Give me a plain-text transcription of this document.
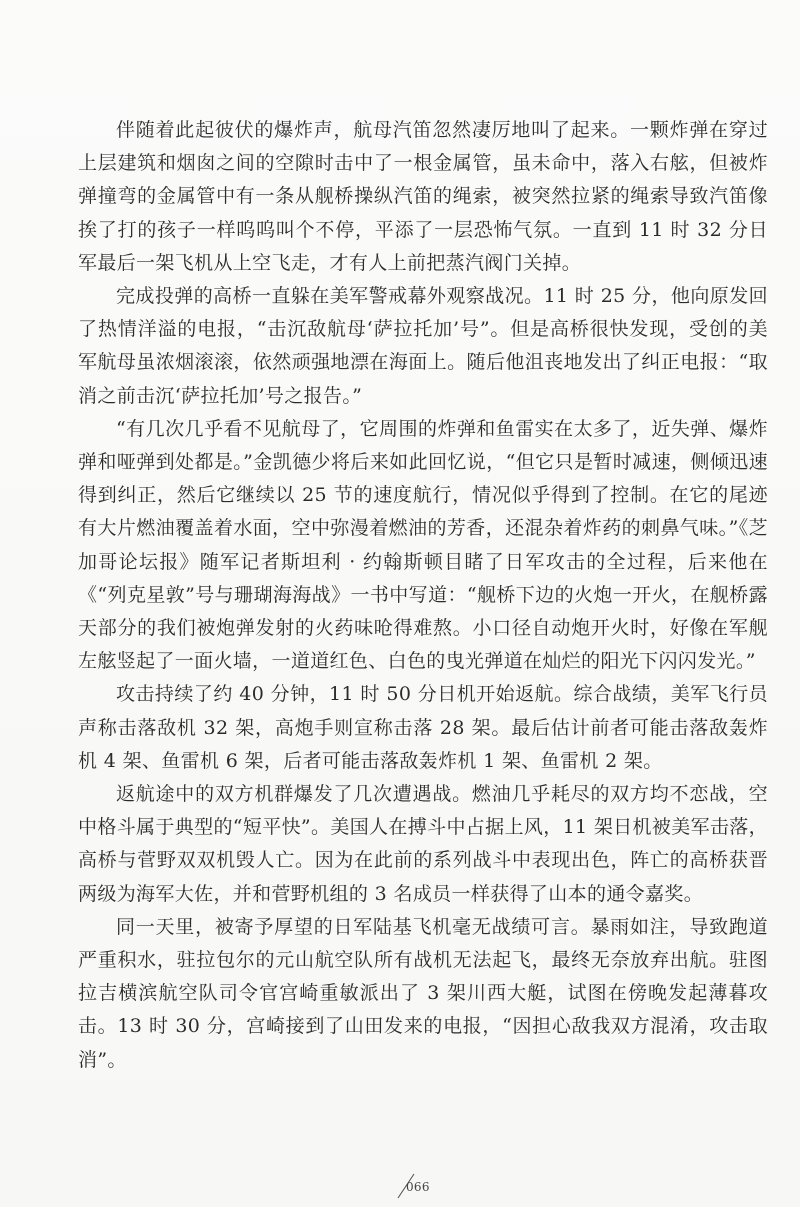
伴随着此起彼伏的爆炸声，航母汽笛忽然凄厉地叫了起来。一颗炸弹在穿过上层建筑和烟囱之间的空隙时击中了一根金属管，虽未命中，落入右舷，但被炸弹撞弯的金属管中有一条从舰桥操纵汽笛的绳索，被突然拉紧的绳索导致汽笛像挨了打的孩子一样呜呜叫个不停，平添了一层恐怖气氛。一直到 11 时 32 分日军最后一架飞机从上空飞走，才有人上前把蒸汽阀门关掉。

完成投弹的高桥一直躲在美军警戒幕外观察战况。11 时 25 分，他向原发回了热情洋溢的电报，“击沉敌航母‘萨拉托加’号”。但是高桥很快发现，受创的美军航母虽浓烟滚滚，依然顽强地漂在海面上。随后他沮丧地发出了纠正电报：“取消之前击沉‘萨拉托加’号之报告。”

“有几次几乎看不见航母了，它周围的炸弹和鱼雷实在太多了，近失弹、爆炸弹和哑弹到处都是。”金凯德少将后来如此回忆说，“但它只是暂时减速，侧倾迅速得到纠正，然后它继续以 25 节的速度航行，情况似乎得到了控制。在它的尾迹有大片燃油覆盖着水面，空中弥漫着燃油的芳香，还混杂着炸药的刺鼻气味。”《芝加哥论坛报》随军记者斯坦利 · 约翰斯顿目睹了日军攻击的全过程，后来他在《“列克星敦”号与珊瑚海海战》一书中写道：“舰桥下边的火炮一开火，在舰桥露天部分的我们被炮弹发射的火药味呛得难熬。小口径自动炮开火时，好像在军舰左舷竖起了一面火墙，一道道红色、白色的曳光弹道在灿烂的阳光下闪闪发光。”

攻击持续了约 40 分钟，11 时 50 分日机开始返航。综合战绩，美军飞行员声称击落敌机 32 架，高炮手则宣称击落 28 架。最后估计前者可能击落敌轰炸机 4 架、鱼雷机 6 架，后者可能击落敌轰炸机 1 架、鱼雷机 2 架。

返航途中的双方机群爆发了几次遭遇战。燃油几乎耗尽的双方均不恋战，空中格斗属于典型的“短平快”。美国人在搏斗中占据上风，11 架日机被美军击落，高桥与菅野双双机毁人亡。因为在此前的系列战斗中表现出色，阵亡的高桥获晋两级为海军大佐，并和菅野机组的 3 名成员一样获得了山本的通令嘉奖。

同一天里，被寄予厚望的日军陆基飞机毫无战绩可言。暴雨如注，导致跑道严重积水，驻拉包尔的元山航空队所有战机无法起飞，最终无奈放弃出航。驻图拉吉横滨航空队司令官宫崎重敏派出了 3 架川西大艇，试图在傍晚发起薄暮攻击。13 时 30 分，宫崎接到了山田发来的电报，“因担心敌我双方混淆，攻击取消”。

066
